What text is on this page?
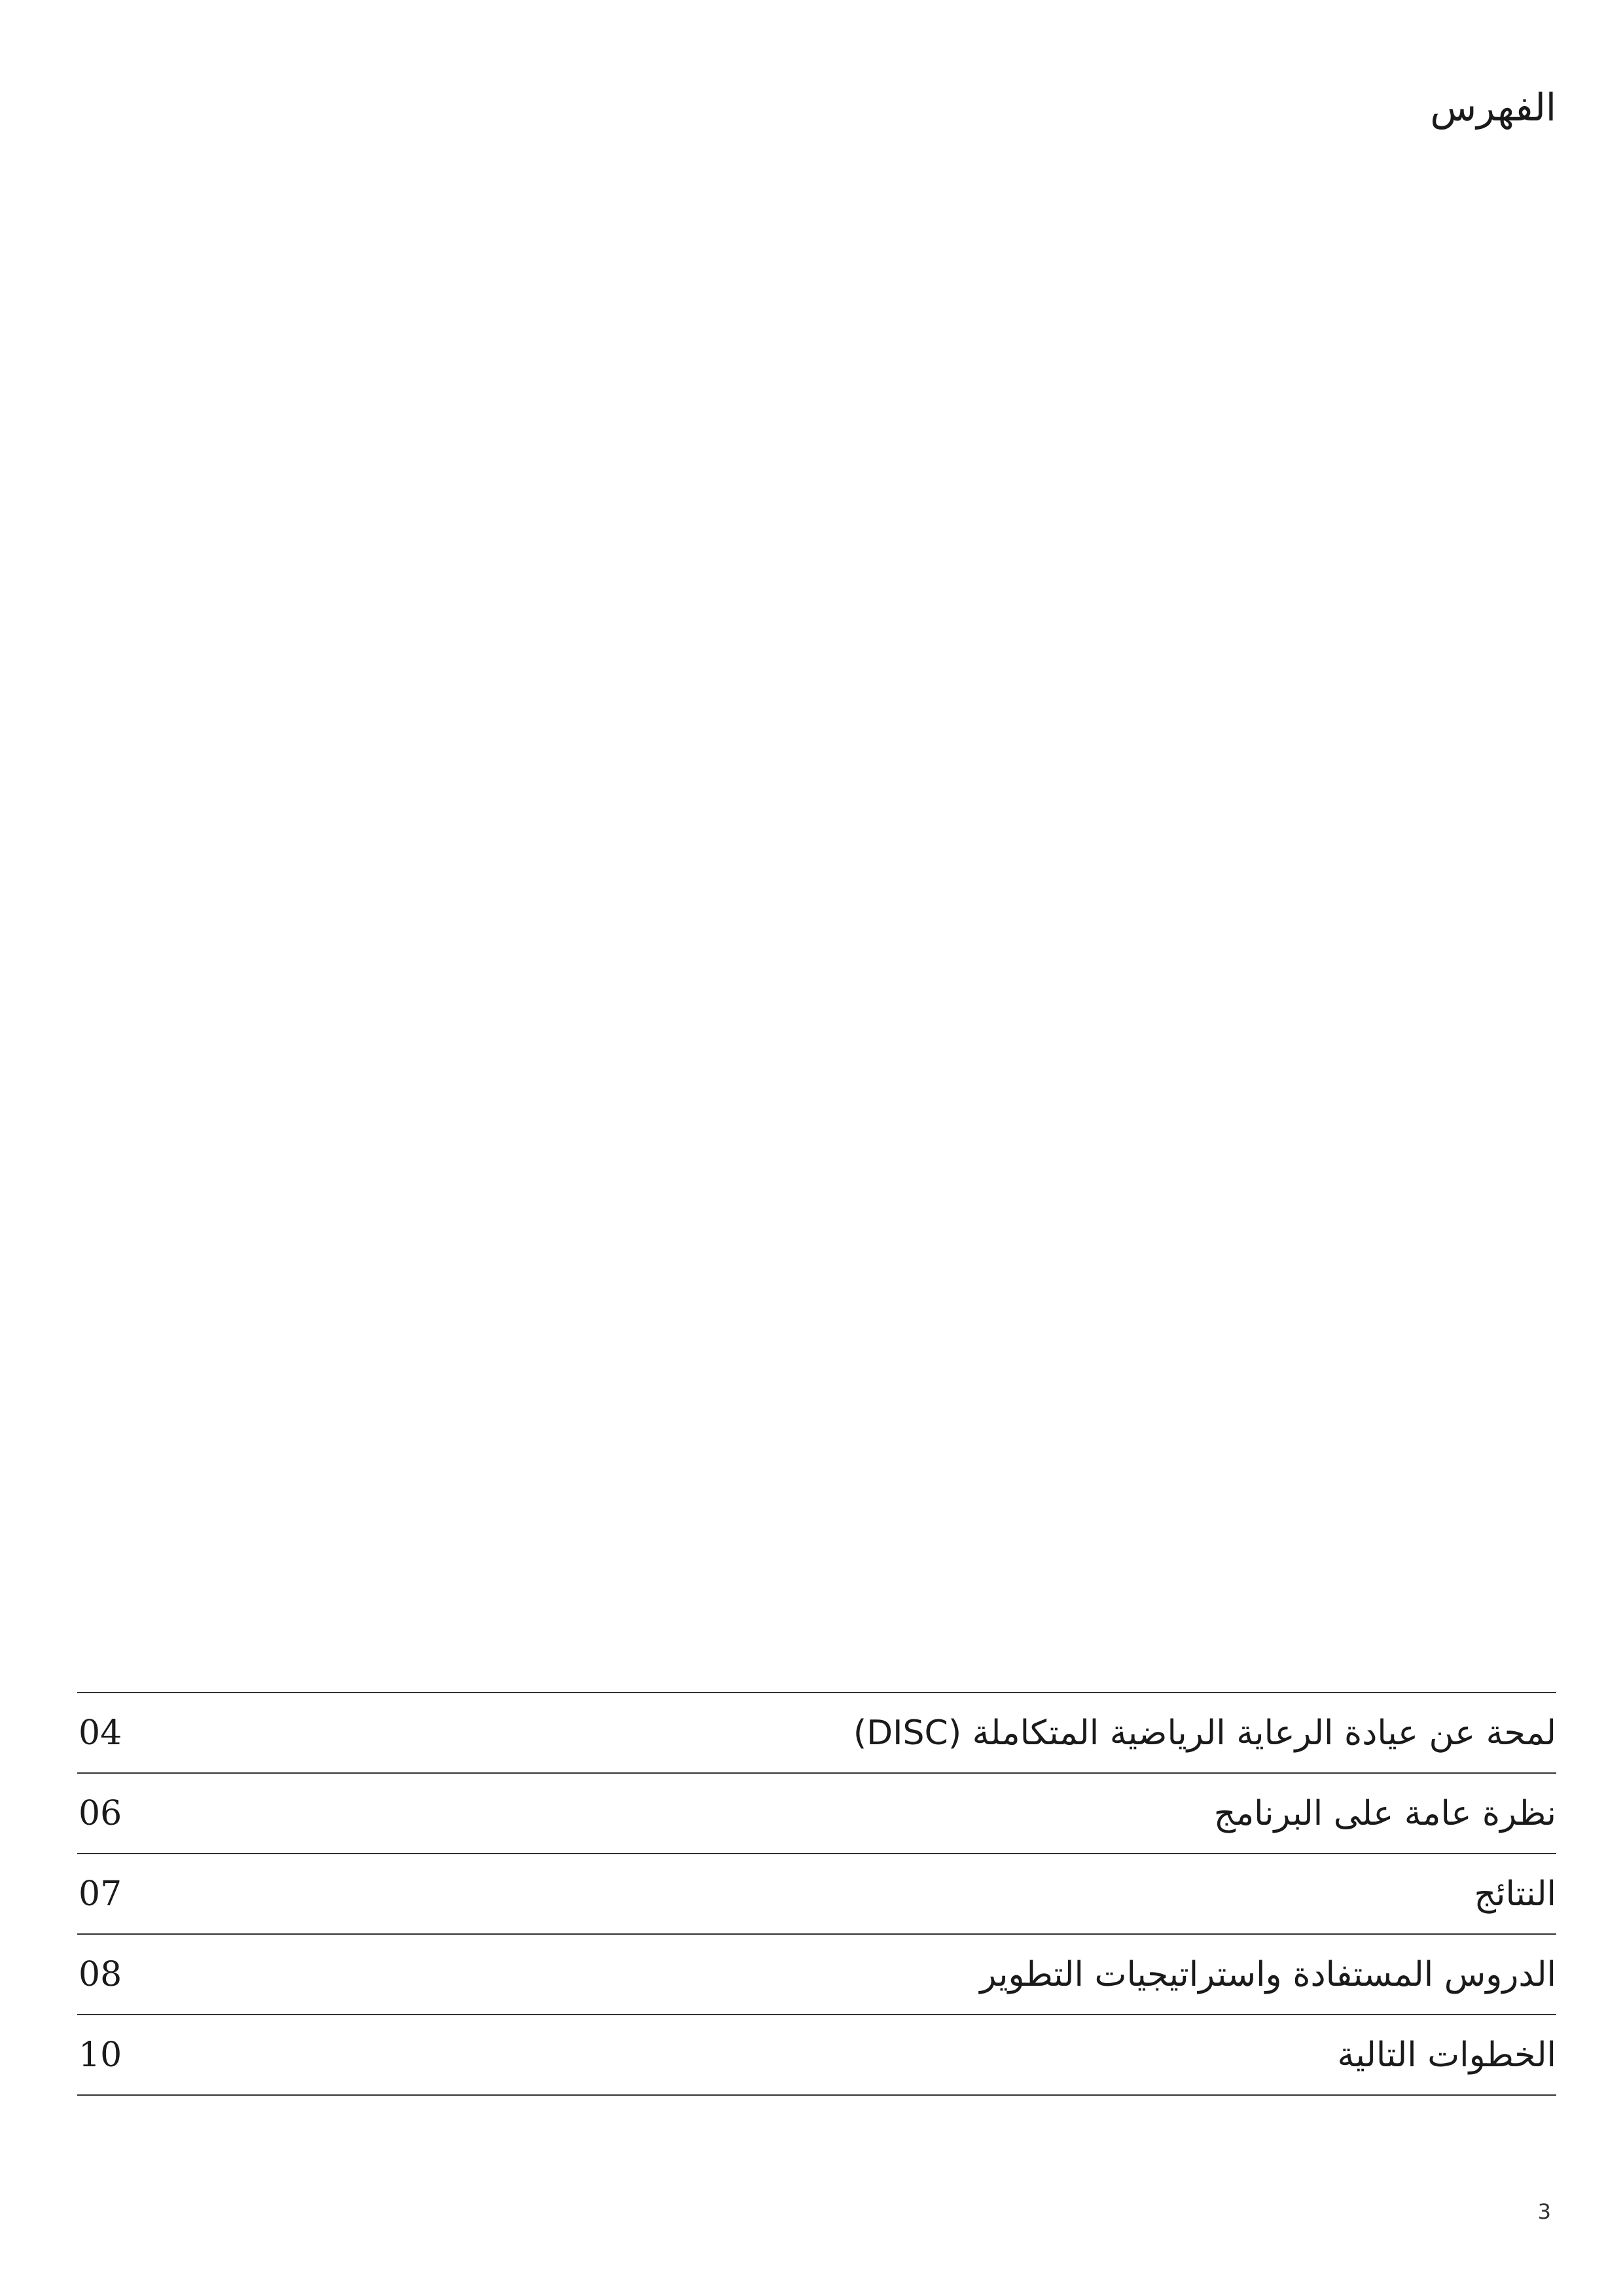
الفهرس
لمحة عن عيادة الرعاية الرياضية المتكاملة (DISC)
04
نظرة عامة على البرنامج
06
النتائج
07
الدروس المستفادة واستراتيجيات التطوير
08
الخطوات التالية
10
3
